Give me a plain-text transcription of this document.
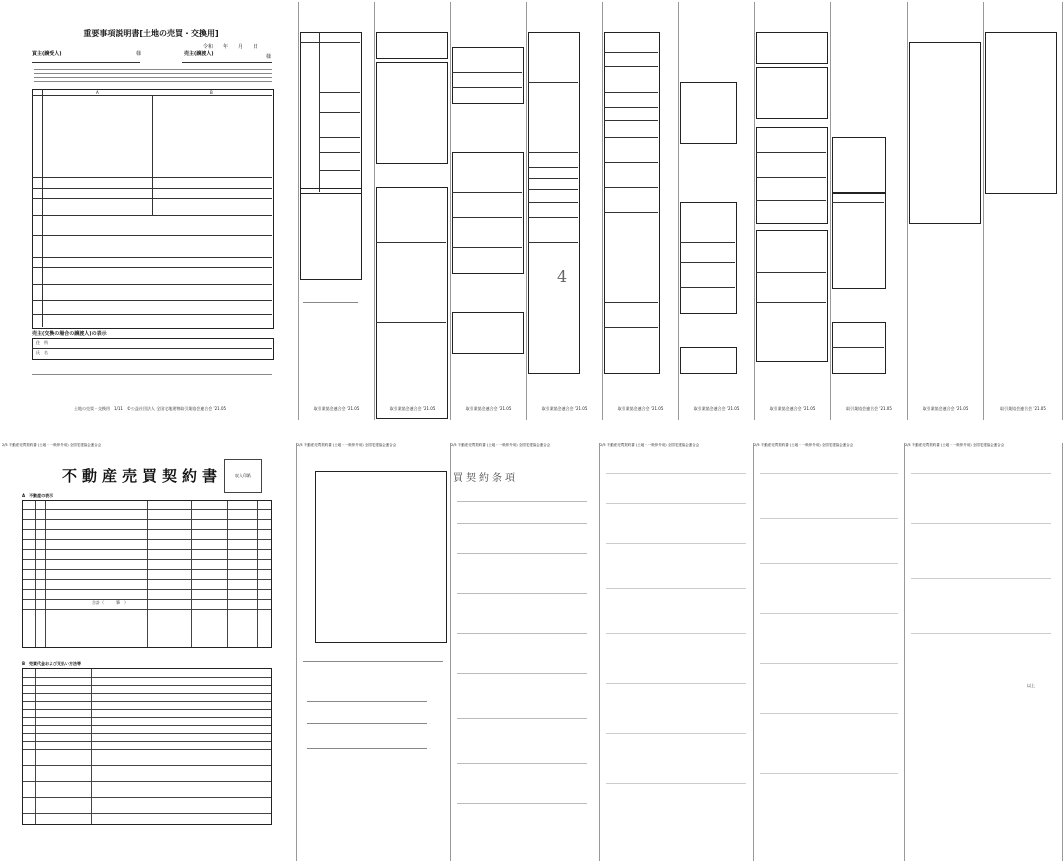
重要事項説明書[土地の売買・交換用]
令和　　年　　月　　日
買主(譲受人)	様	売主(譲渡人)	様
A	B
売主(交換の場合の譲渡人)の表示
住　所
氏　名
土地の売買・交換用　1/11　©公益社団法人 全国宅地建物取引業協会連合会 '21.05	取引業協会連合会 '21.05	取引業協会連合会 '21.05	取引業協会連合会 '21.05
4
取引業協会連合会 '21.05	取引業協会連合会 '21.05	取引業協会連合会 '21.05	取引業協会連合会 '21.05	取引業協会連合会 '21.05	取引業協会連合会 '21.05	取引業協会連合会 '21.05
不動産売買契約書	収入印紙
A　不動産の表示
合計（　　　筆　）
B　売買代金および支払い方法等
2/5 不動産売買契約書 (土地・一般仲介用) 全国宅建協会連合会	2/5 不動産売買契約書 (土地・一般仲介用) 全国宅建協会連合会
買契約条項
2/5 不動産売買契約書 (土地・一般仲介用) 全国宅建協会連合会	2/5 不動産売買契約書 (土地・一般仲介用) 全国宅建協会連合会	2/5 不動産売買契約書 (土地・一般仲介用) 全国宅建協会連合会
以上
2/5 不動産売買契約書 (土地・一般仲介用) 全国宅建協会連合会
